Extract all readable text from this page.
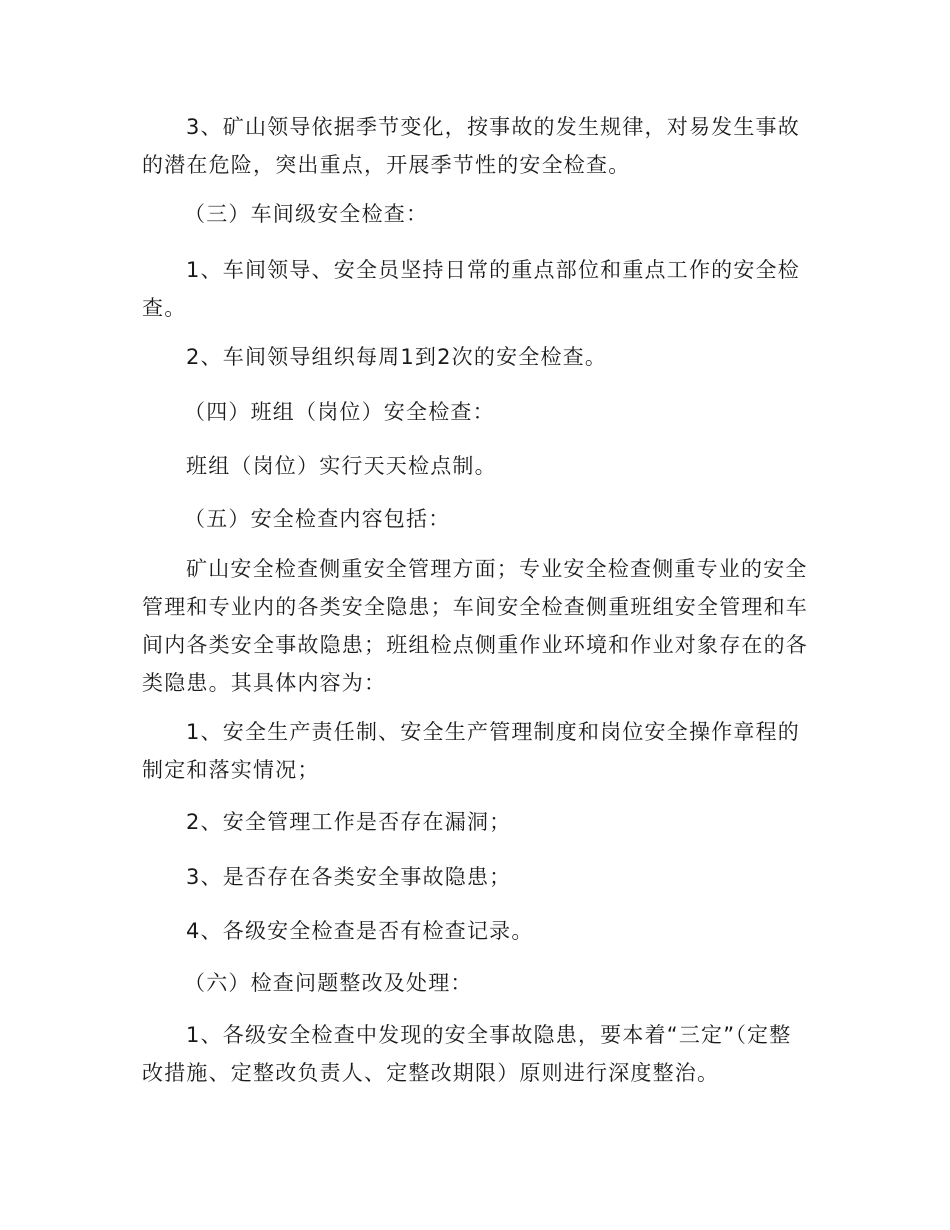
3、矿山领导依据季节变化，按事故的发生规律，对易发生事故的潜在危险，突出重点，开展季节性的安全检查。

（三）车间级安全检查：

1、车间领导、安全员坚持日常的重点部位和重点工作的安全检查。

2、车间领导组织每周1到2次的安全检查。

（四）班组（岗位）安全检查：

班组（岗位）实行天天检点制。

（五）安全检查内容包括：

矿山安全检查侧重安全管理方面；专业安全检查侧重专业的安全管理和专业内的各类安全隐患；车间安全检查侧重班组安全管理和车间内各类安全事故隐患；班组检点侧重作业环境和作业对象存在的各类隐患。其具体内容为：

1、安全生产责任制、安全生产管理制度和岗位安全操作章程的制定和落实情况；

2、安全管理工作是否存在漏洞；

3、是否存在各类安全事故隐患；

4、各级安全检查是否有检查记录。

（六）检查问题整改及处理：

1、各级安全检查中发现的安全事故隐患，要本着“三定”（定整改措施、定整改负责人、定整改期限）原则进行深度整治。
